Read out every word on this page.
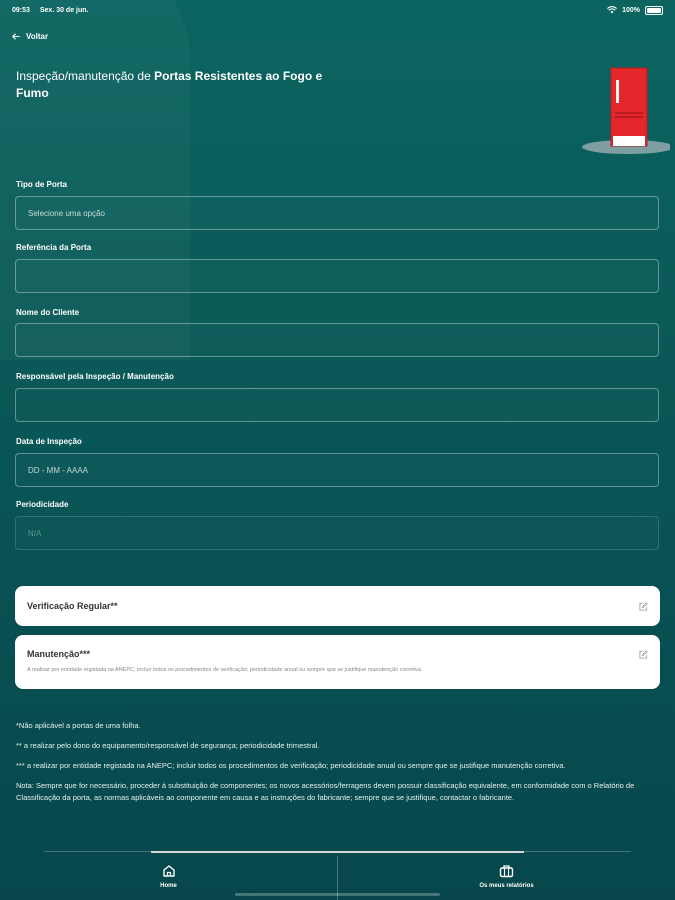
09:53 Sex. 30 de jun.	100%
Voltar
Inspeção/manutenção de Portas Resistentes ao Fogo e Fumo
Tipo de Porta
Selecione uma opção
Referência da Porta
Nome do Cliente
Responsável pela Inspeção / Manutenção
Data de Inspeção
DD - MM - AAAA
Periodicidade
N/A
Verificação Regular**
Manutenção***
A realizar por entidade registada na ANEPC; incluir todos os procedimentos de verificação; periodicidade anual ou sempre que se justifique manutenção corretiva.

*Não aplicável a portas de uma folha.

** a realizar pelo dono do equipamento/responsável de segurança; periodicidade trimestral.

*** a realizar por entidade registada na ANEPC; incluir todos os procedimentos de verificação; periodicidade anual ou sempre que se justifique manutenção corretiva.

Nota: Sempre que for necessário, proceder à substituição de componentes; os novos acessórios/ferragens devem possuir classificação equivalente, em conformidade com o Relatório de Classificação da porta, as normas aplicáveis ao componente em causa e as instruções do fabricante; sempre que se justifique, contactar o fabricante.

Home	Os meus relatórios
